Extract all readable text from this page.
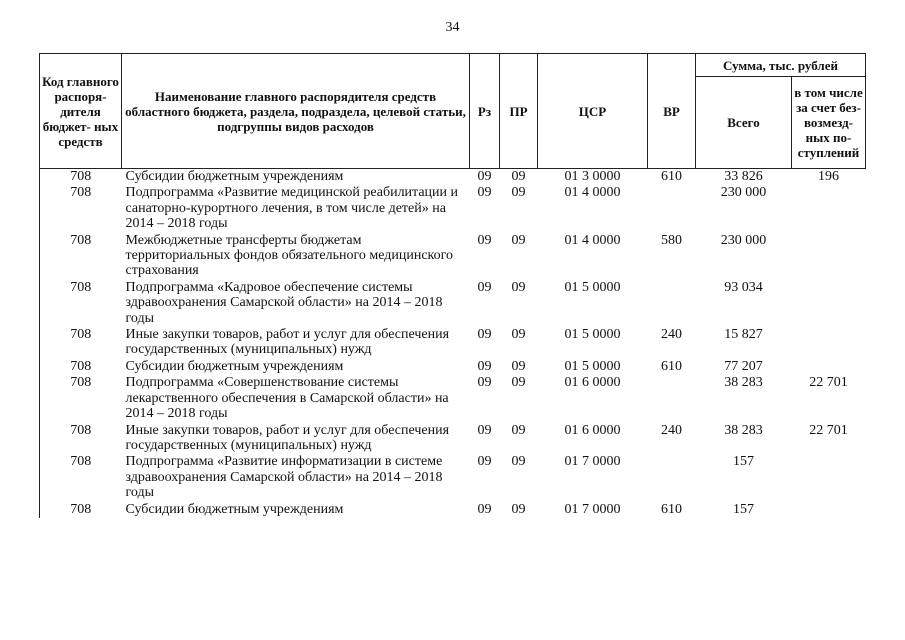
34
Код главного распоря- дителя бюджет- ных средств	Наименование главного распорядителя средств областного бюджета, раздела, подраздела, целевой статьи, подгруппы видов расходов	Рз	ПР	ЦСР	ВР	Сумма, тыс. рублей	
						Всего	в том числе за счет без- возмезд- ных по- ступлений
708	Субсидии бюджетным учреждениям	09	09	01 3 0000	610	33 826	196
708	Подпрограмма «Развитие медицинской реабилитации и санаторно-курортного лечения, в том числе детей» на 2014 – 2018 годы	09	09	01 4 0000		230 000	
708	Межбюджетные трансферты бюджетам территориальных фондов обязательного медицинского страхования	09	09	01 4 0000	580	230 000	
708	Подпрограмма «Кадровое обеспечение системы здравоохранения Самарской области» на 2014 – 2018 годы	09	09	01 5 0000		93 034	
708	Иные закупки товаров, работ и услуг для обеспечения государственных (муниципальных) нужд	09	09	01 5 0000	240	15 827	
708	Субсидии бюджетным учреждениям	09	09	01 5 0000	610	77 207	
708	Подпрограмма «Совершенствование системы лекарственного обеспечения в Самарской области» на 2014 – 2018 годы	09	09	01 6 0000		38 283	22 701
708	Иные закупки товаров, работ и услуг для обеспечения государственных (муниципальных) нужд	09	09	01 6 0000	240	38 283	22 701
708	Подпрограмма «Развитие информатизации в системе здравоохранения Самарской области» на 2014 – 2018 годы	09	09	01 7 0000		157	
708	Субсидии бюджетным учреждениям	09	09	01 7 0000	610	157	
